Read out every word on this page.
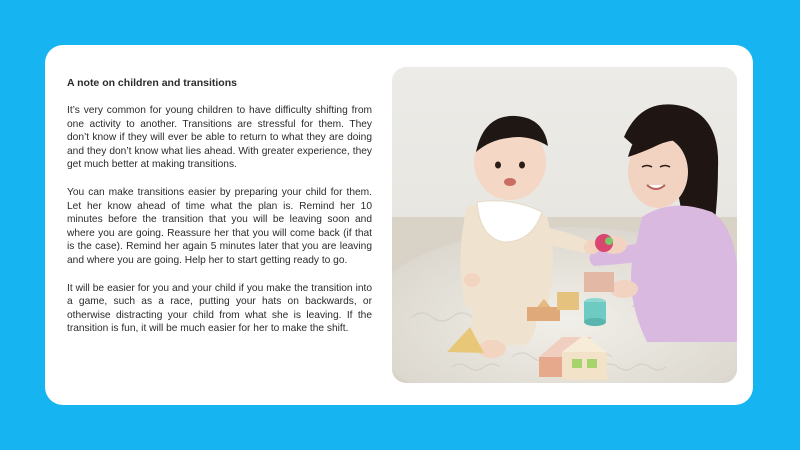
A note on children and transitions

It’s very common for young children to have difficulty shifting from one activity to another. Transitions are stressful for them. They don’t know if they will ever be able to return to what they are doing and they don’t know what lies ahead. With greater experience, they get much better at making transitions.

You can make transitions easier by preparing your child for them. Let her know ahead of time what the plan is. Remind her 10 minutes before the transition that you will be leaving soon and where you are going. Reassure her that you will come back (if that is the case). Remind her again 5 minutes later that you are leaving and where you are going. Help her to start getting ready to go.

It will be easier for you and your child if you make the transition into a game, such as a race, putting your hats on backwards, or otherwise distracting your child from what she is leaving. If the transition is fun, it will be much easier for her to make the shift.
